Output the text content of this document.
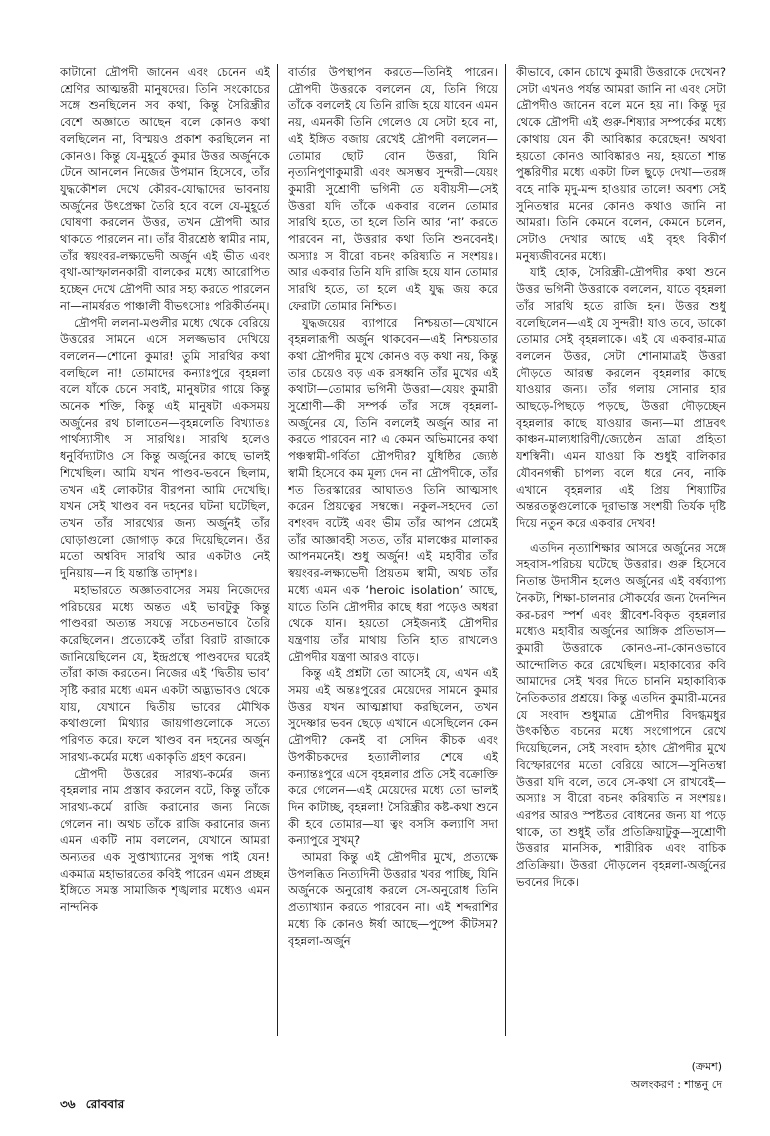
কাটানো দ্রৌপদী জানেন এবং চেনেন এই শ্রেণির আত্মন্তরী মানুষদের। তিনি সংকোচের সঙ্গে শুনছিলেন সব কথা, কিন্তু সৈরিন্ধ্রীর বেশে অজ্ঞাতে আছেন বলে কোনও কথা বলছিলেন না, বিস্ময়ও প্রকাশ করছিলেন না কোনও। কিন্তু যে-মুহূর্তে কুমার উত্তর অর্জুনকে টেনে আনলেন নিজের উপমান হিসেবে, তাঁর যুদ্ধকৌশল দেখে কৌরব-যোদ্ধাদের ভাবনায় অর্জুনের উৎপ্রেক্ষা তৈরি হবে বলে যে-মুহূর্তে ঘোষণা করলেন উত্তর, তখন দ্রৌপদী আর থাকতে পারলেন না। তাঁর বীরশ্রেষ্ঠ স্বামীর নাম, তাঁর স্বয়ংবর-লক্ষ্যভেদী অর্জুন এই ভীত এবং বৃথা-আস্ফালনকারী বালকের মধ্যে আরোপিত হচ্ছেন দেখে দ্রৌপদী আর সহ্য করতে পারলেন না—নামর্ষরত পাঞ্চালী বীভৎসোঃ পরিকীর্তনম্।

দ্রৌপদী ললনা-মণ্ডলীর মধ্যে থেকে বেরিয়ে উত্তরের সামনে এসে সলজ্জভাব দেখিয়ে বললেন—শোনো কুমার! তুমি সারথির কথা বলছিলে না! তোমাদের কন্যাঃপুরে বৃহন্নলা বলে যাঁকে চেনে সবাই, মানুষটার গায়ে কিন্তু অনেক শক্তি, কিন্তু এই মানুষটা একসময় অর্জুনের রথ চালাতেন—বৃহন্নলেতি বিখ্যাতঃ পার্থস্যাসীৎ স সারথিঃ। সারথি হলেও ধনুর্বিদ্যাটাও সে কিন্তু অর্জুনের কাছে ভালই শিখেছিল। আমি যখন পাণ্ডব-ভবনে ছিলাম, তখন এই লোকটার বীরপনা আমি দেখেছি। যখন সেই খাণ্ডব বন দহনের ঘটনা ঘটেছিল, তখন তাঁর সারথ্যের জন্য অর্জুনই তাঁর ঘোড়াগুলো জোগাড় করে দিয়েছিলেন। ওঁর মতো অশ্ববিদ সারথি আর একটাও নেই দুনিয়ায়—ন হি যন্তাস্তি তাদৃশঃ।

মহাভারতে অজ্ঞাতবাসের সময় নিজেদের পরিচয়ের মধ্যে অন্তত এই ভাবটুকু কিন্তু পাণ্ডবরা অত্যন্ত সযত্নে সচেতনভাবে তৈরি করেছিলেন। প্রত্যেকেই তাঁরা বিরাট রাজাকে জানিয়েছিলেন যে, ইন্দ্রপ্রস্থে পাণ্ডবদের ঘরেই তাঁরা কাজ করতেন। নিজের এই ‘দ্বিতীয় ভাব’ সৃষ্টি করার মধ্যে এমন একটা অদ্ভ্যভাবও থেকে যায়, যেখানে দ্বিতীয় ভাবের মৌখিক কথাগুলো মিথ্যার জায়গাগুলোকে সত্যে পরিণত করে। ফলে খাণ্ডব বন দহনের অর্জুন সারথ্য-কর্মের মধ্যে একাকৃতি গ্রহণ করেন।

দ্রৌপদী উত্তরের সারথ্য-কর্মের জন্য বৃহন্নলার নাম প্রস্তাব করলেন বটে, কিন্তু তাঁকে সারথ্য-কর্মে রাজি করানোর জন্য নিজে গেলেন না। অথচ তাঁকে রাজি করানোর জন্য এমন একটি নাম বললেন, যেখানে আমরা অন্যতর এক সুপ্তাখ্যানের সুগন্ধ পাই যেন! একমাত্র মহাভারতের কবিই পারেন এমন প্রচ্ছন্ন ইঙ্গিতে সমস্ত সামাজিক শৃঙ্খলার মধ্যেও এমন নান্দনিক

বার্তার উপস্থাপন করতে—তিনিই পারেন। দ্রৌপদী উত্তরকে বললেন যে, তিনি গিয়ে তাঁকে বললেই যে তিনি রাজি হয়ে যাবেন এমন নয়, এমনকী তিনি গেলেও যে সেটা হবে না, এই ইঙ্গিত বজায় রেখেই দ্রৌপদী বললেন—তোমার ছোট বোন উত্তরা, যিনি নৃত্যনিপুণাকুমারী এবং অসম্ভব সুন্দরী—যেয়ং কুমারী সুশ্রোণী ভগিনী তে যবীয়সী—সেই উত্তরা যদি তাঁকে একবার বলেন তোমার সারথি হতে, তা হলে তিনি আর ‘না’ করতে পারবেন না, উত্তরার কথা তিনি শুনবেনই। অস্যাঃ স বীরো বচনং করিষ্যতি ন সংশয়ঃ। আর একবার তিনি যদি রাজি হয়ে যান তোমার সারথি হতে, তা হলে এই যুদ্ধ জয় করে ফেরাটা তোমার নিশ্চিত।

যুদ্ধজয়ের ব্যাপারে নিশ্চয়তা—যেখানে বৃহন্নলারূপী অর্জুন থাকবেন—এই নিশ্চয়তার কথা দ্রৌপদীর মুখে কোনও বড় কথা নয়, কিন্তু তার চেয়েও বড় এক রসধ্বনি তাঁর মুখের এই কথাটা—তোমার ভগিনী উত্তরা—যেয়ং কুমারী সুশ্রোণী—কী সম্পর্ক তাঁর সঙ্গে বৃহন্নলা-অর্জুনের যে, তিনি বললেই অর্জুন আর না করতে পারবেন না? এ কেমন অভিমানের কথা পঞ্চস্বামী-গর্বিতা দ্রৌপদীর? যুধিষ্ঠির জ্যেষ্ঠ স্বামী হিসেবে কম মূল্য দেন না দ্রৌপদীকে, তাঁর শত তিরস্কারের আঘাতও তিনি আত্মসাৎ করেন প্রিয়ত্বের সম্বন্ধে। নকুল-সহদেব তো বশংবদ বটেই এবং ভীম তাঁর আপন প্রেমেই তাঁর আজ্ঞাবহী সতত, তাঁর মালঞ্চের মালাকর আপনমনেই। শুধু অর্জুন! এই মহাবীর তাঁর স্বয়ংবর-লক্ষ্যভেদী প্রিয়তম স্বামী, অথচ তাঁর মধ্যে এমন এক ‘heroic isolation’ আছে, যাতে তিনি দ্রৌপদীর কাছে ধরা পড়েও অধরা থেকে যান। হয়তো সেইজন্যই দ্রৌপদীর যন্ত্রণায় তাঁর মাথায় তিনি হাত রাখলেও দ্রৌপদীর যন্ত্রণা আরও বাড়ে।

কিন্তু এই প্রশ্নটা তো আসেই যে, এখন এই সময় এই অন্তঃপুরের মেয়েদের সামনে কুমার উত্তর যখন আত্মশ্লাঘা করছিলেন, তখন সুদেষ্ণার ভবন ছেড়ে এখানে এসেছিলেন কেন দ্রৌপদী? কেনই বা সেদিন কীচক এবং উপকীচকদের হত্যালীলার শেষে এই কন্যান্তঃপুরে এসে বৃহন্নলার প্রতি সেই বক্রোক্তি করে গেলেন—এই মেয়েদের মধ্যে তো ভালই দিন কাটাচ্ছ, বৃহন্নলা! সৈরিন্ধ্রীর কষ্ট-কথা শুনে কী হবে তোমার—যা ত্বং বসসি কল্যাণি সদা কন্যাপুরে সুখম্?

আমরা কিন্তু এই দ্রৌপদীর মুখে, প্রত্যক্ষে উপলব্ধিত নিত্যদিনী উত্তরার খবর পাচ্ছি, যিনি অর্জুনকে অনুরোধ করলে সে-অনুরোধ তিনি প্রত্যাখ্যান করতে পারবেন না। এই শব্দরাশির মধ্যে কি কোনও ঈর্ষা আছে—পুষ্পে কীটসম? বৃহন্নলা-অর্জুন

কীভাবে, কোন চোখে কুমারী উত্তরাকে দেখেন? সেটা এখনও পর্যন্ত আমরা জানি না এবং সেটা দ্রৌপদীও জানেন বলে মনে হয় না। কিন্তু দূর থেকে দ্রৌপদী এই গুরু-শিষ্যার সম্পর্কের মধ্যে কোথায় যেন কী আবিষ্কার করেছেন! অথবা হয়তো কোনও আবিষ্কারও নয়, হয়তো শান্ত পুষ্করিণীর মধ্যে একটা ঢিল ছুড়ে দেখা—তরঙ্গ বহে নাকি মৃদু-মন্দ হাওয়ার তালে! অবশ্য সেই সুনিতম্বার মনের কোনও কথাও জানি না আমরা। তিনি কেমনে বলেন, কেমনে চলেন, সেটাও দেখার আছে এই বৃহৎ বিকীর্ণ মনুষ্যজীবনের মধ্যে।

যাই হোক, সৈরিন্ধ্রী-দ্রৌপদীর কথা শুনে উত্তর ভগিনী উত্তরাকে বললেন, যাতে বৃহন্নলা তাঁর সারথি হতে রাজি হন। উত্তর শুধু বলেছিলেন—এই যে সুন্দরী! যাও তবে, ডাকো তোমার সেই বৃহন্নলাকে। এই যে একবার-মাত্র বললেন উত্তর, সেটা শোনামাত্রই উত্তরা দৌড়তে আরম্ভ করলেন বৃহন্নলার কাছে যাওয়ার জন্য। তাঁর গলায় সোনার হার আছড়ে-পিছড়ে পড়ছে, উত্তরা দৌড়চ্ছেন বৃহন্নলার কাছে যাওয়ার জন্য—মা প্রাদ্রবৎ কাঞ্চন-মাল্যধারিণী/জ্যেষ্ঠেন ভ্রাত্রা প্রহিতা যশস্বিনী। এমন যাওয়া কি শুধুই বালিকার যৌবনগন্ধী চাপল্য বলে ধরে নেব, নাকি এখানে বৃহন্নলার এই প্রিয় শিষ্যাটির অন্তরতন্তুগুলোকে দূরাভাস্ত সংশয়ী তির্যক দৃষ্টি দিয়ে নতুন করে একবার দেখব!

এতদিন নৃত্যাশিক্ষার আসরে অর্জুনের সঙ্গে সহবাস-পরিচয় ঘটেছে উত্তরার। গুরু হিসেবে নিতান্ত উদাসীন হলেও অর্জুনের এই বর্ষব্যাপ্য নৈকট্য, শিক্ষা-চালনার সৌকর্যের জন্য দৈনন্দিন কর-চরণ স্পর্শ এবং স্ত্রীবেশ-বিকৃত বৃহন্নলার মধ্যেও মহাবীর অর্জুনের আঙ্গিক প্রতিভাস—কুমারী উত্তরাকে কোনও-না-কোনওভাবে আন্দোলিত করে রেখেছিল। মহাকাব্যের কবি আমাদের সেই খবর দিতে চাননি মহাকাব্যিক নৈতিকতার প্রশ্রয়ে। কিন্তু এতদিন কুমারী-মনের যে সংবাদ শুধুমাত্র দ্রৌপদীর বিদগ্ধমধুর উৎকণ্ঠিত বচনের মধ্যে সংগোপনে রেখে দিয়েছিলেন, সেই সংবাদ হঠাৎ দ্রৌপদীর মুখে বিস্ফোরণের মতো বেরিয়ে আসে—সুনিতম্বা উত্তরা যদি বলে, তবে সে-কথা সে রাখবেই—অস্যাঃ স বীরো বচনং করিষ্যতি ন সংশয়ঃ। এরপর আরও স্পষ্টতর বোধনের জন্য যা পড়ে থাকে, তা শুধুই তাঁর প্রতিক্রিয়াটুকু—সুশ্রোণী উত্তরার মানসিক, শারীরিক এবং বাচিক প্রতিক্রিয়া। উত্তরা দৌড়লেন বৃহন্নলা-অর্জুনের ভবনের দিকে।

(ক্রমশ)
অলংকরণ : শান্তনু দে
৩৬ রোববার
